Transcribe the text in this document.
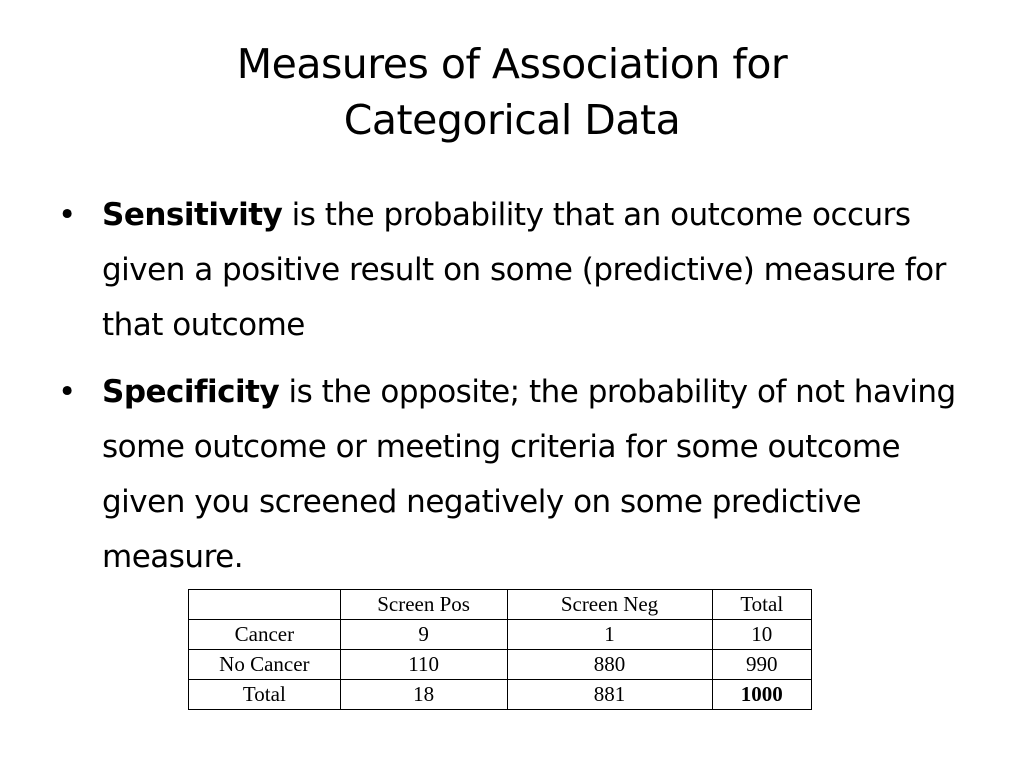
Measures of Association for
Categorical Data
• Sensitivity is the probability that an outcome occurs given a positive result on some (predictive) measure for that outcome
• Specificity is the opposite; the probability of not having some outcome or meeting criteria for some outcome given you screened negatively on some predictive measure.
	Screen Pos	Screen Neg	Total
Cancer	9	1	10
No Cancer	110	880	990
Total	18	881	1000
